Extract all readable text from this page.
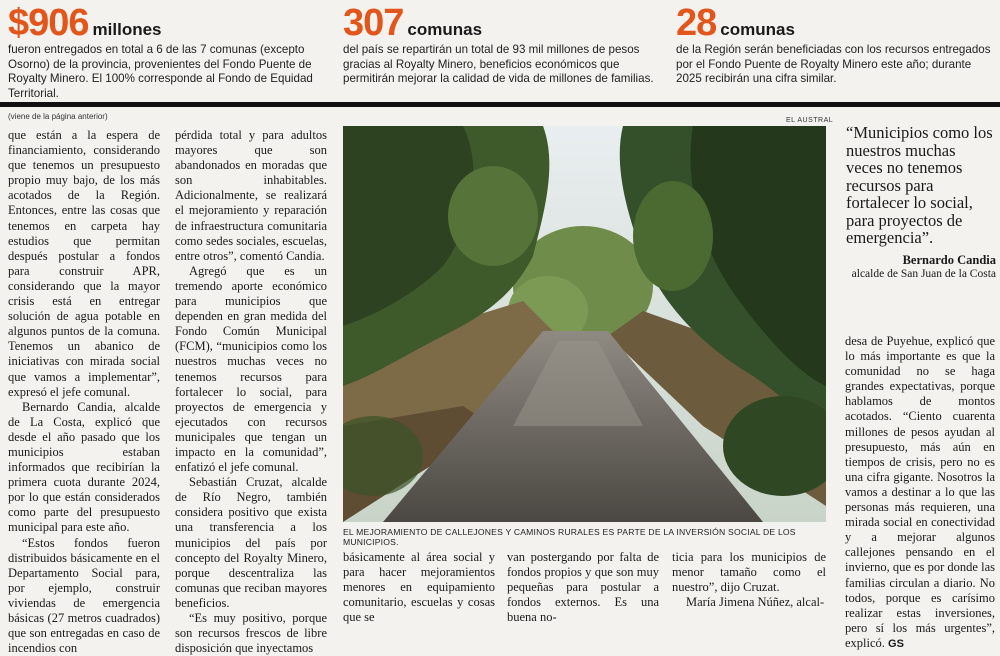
$906 millones
fueron entregados en total a 6 de las 7 comunas (excepto Osorno) de la provincia, provenientes del Fondo Puente de Royalty Minero. El 100% corresponde al Fondo de Equidad Territorial.
307 comunas
del país se repartirán un total de 93 mil millones de pesos gracias al Royalty Minero, beneficios económicos que permitirán mejorar la calidad de vida de millones de familias.
28 comunas
de la Región serán beneficiadas con los recursos entregados por el Fondo Puente de Royalty Minero este año; durante 2025 recibirán una cifra similar.
(viene de la página anterior)	EL AUSTRAL

que están a la espera de financiamiento, considerando que tenemos un presupuesto propio muy bajo, de los más acotados de la Región. Entonces, entre las cosas que tenemos en carpeta hay estudios que permitan después postular a fondos para construir APR, considerando que la mayor crisis está en entregar solución de agua potable en algunos puntos de la comuna. Tenemos un abanico de iniciativas con mirada social que vamos a implementar”, expresó el jefe comunal.

Bernardo Candia, alcalde de La Costa, explicó que desde el año pasado que los municipios estaban informados que recibirían la primera cuota durante 2024, por lo que están considerados como parte del presupuesto municipal para este año.

“Estos fondos fueron distribuidos básicamente en el Departamento Social para, por ejemplo, construir viviendas de emergencia básicas (27 metros cuadrados) que son entregadas en caso de incendios con

pérdida total y para adultos mayores que son abandonados en moradas que son inhabitables. Adicionalmente, se realizará el mejoramiento y reparación de infraestructura comunitaria como sedes sociales, escuelas, entre otros”, comentó Candia.

Agregó que es un tremendo aporte económico para municipios que dependen en gran medida del Fondo Común Municipal (FCM), “municipios como los nuestros muchas veces no tenemos recursos para fortalecer lo social, para proyectos de emergencia y ejecutados con recursos municipales que tengan un impacto en la comunidad”, enfatizó el jefe comunal.

Sebastián Cruzat, alcalde de Río Negro, también considera positivo que exista una transferencia a los municipios del país por concepto del Royalty Minero, porque descentraliza las comunas que reciban mayores beneficios.

“Es muy positivo, porque son recursos frescos de libre disposición que inyectamos

EL MEJORAMIENTO DE CALLEJONES Y CAMINOS RURALES ES PARTE DE LA INVERSIÓN SOCIAL DE LOS MUNICIPIOS.

básicamente al área social y para hacer mejoramientos menores en equipamiento comunitario, escuelas y cosas que se

van postergando por falta de fondos propios y que son muy pequeñas para postular a fondos externos. Es una buena no-

ticia para los municipios de menor tamaño como el nuestro”, dijo Cruzat.

María Jimena Núñez, alcal-

“Municipios como los nuestros muchas veces no tenemos recursos para fortalecer lo social, para proyectos de emergencia”.
Bernardo Candia
alcalde de San Juan de la Costa

desa de Puyehue, explicó que lo más importante es que la comunidad no se haga grandes expectativas, porque hablamos de montos acotados. “Ciento cuarenta millones de pesos ayudan al presupuesto, más aún en tiempos de crisis, pero no es una cifra gigante. Nosotros la vamos a destinar a lo que las personas más requieren, una mirada social en conectividad y a mejorar algunos callejones pensando en el invierno, que es por donde las familias circulan a diario. No todos, porque es carísimo realizar estas inversiones, pero sí los más urgentes”, explicó. GS
